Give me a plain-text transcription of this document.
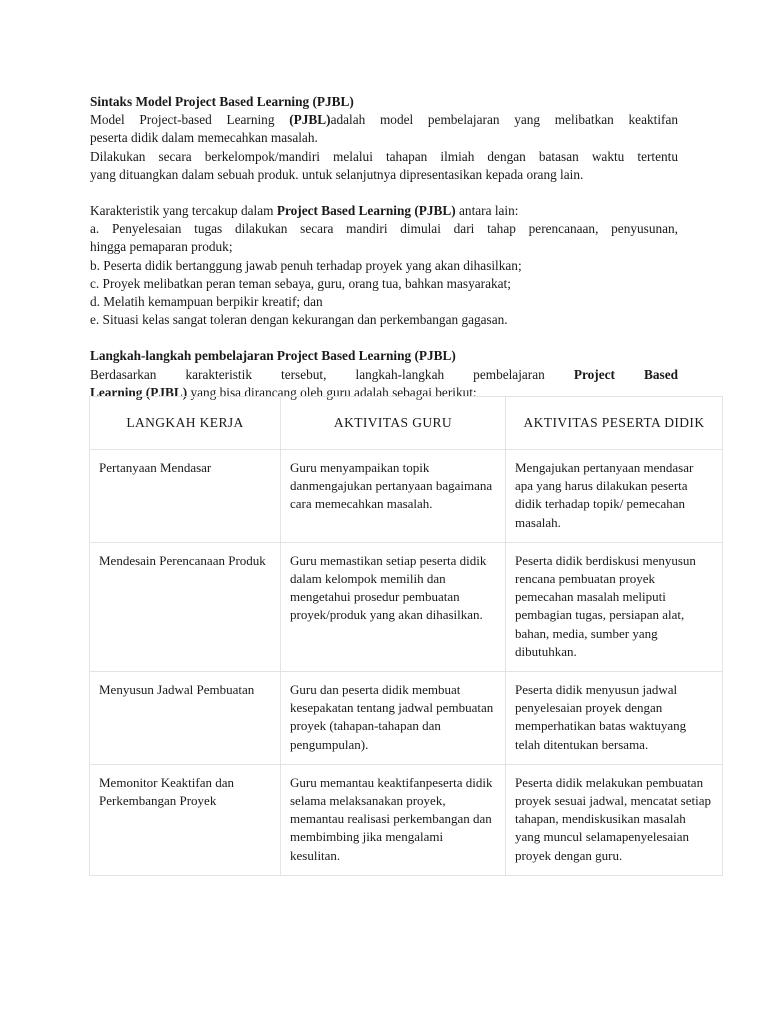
Sintaks Model Project Based Learning (PJBL)

Model Project-based Learning (PJBL)adalah model pembelajaran yang melibatkan keaktifan

peserta didik dalam memecahkan masalah.

Dilakukan secara berkelompok/mandiri melalui tahapan ilmiah dengan batasan waktu tertentu

yang dituangkan dalam sebuah produk. untuk selanjutnya dipresentasikan kepada orang lain.

Karakteristik yang tercakup dalam Project Based Learning (PJBL) antara lain:

a. Penyelesaian tugas dilakukan secara mandiri dimulai dari tahap perencanaan, penyusunan,

hingga pemaparan produk;

b. Peserta didik bertanggung jawab penuh terhadap proyek yang akan dihasilkan;

c. Proyek melibatkan peran teman sebaya, guru, orang tua, bahkan masyarakat;

d. Melatih kemampuan berpikir kreatif; dan

e. Situasi kelas sangat toleran dengan kekurangan dan perkembangan gagasan.

Langkah-langkah pembelajaran Project Based Learning (PJBL)

Berdasarkan karakteristik tersebut, langkah-langkah pembelajaran Project Based

Learning (PJBL) yang bisa dirancang oleh guru adalah sebagai berikut:

LANGKAH KERJA	AKTIVITAS GURU	AKTIVITAS PESERTA DIDIK
Pertanyaan Mendasar	Guru menyampaikan topik danmengajukan pertanyaan bagaimana cara memecahkan masalah.	Mengajukan pertanyaan mendasar apa yang harus dilakukan peserta didik terhadap topik/ pemecahan masalah.
Mendesain Perencanaan Produk	Guru memastikan setiap peserta didik dalam kelompok memilih dan mengetahui prosedur pembuatan proyek/produk yang akan dihasilkan.	Peserta didik berdiskusi menyusun rencana pembuatan proyek pemecahan masalah meliputi pembagian tugas, persiapan alat, bahan, media, sumber yang dibutuhkan.
Menyusun Jadwal Pembuatan	Guru dan peserta didik membuat kesepakatan tentang jadwal pembuatan proyek (tahapan-tahapan dan pengumpulan).	Peserta didik menyusun jadwal penyelesaian proyek dengan memperhatikan batas waktuyang telah ditentukan bersama.
Memonitor Keaktifan dan Perkembangan Proyek	Guru memantau keaktifanpeserta didik selama melaksanakan proyek, memantau realisasi perkembangan dan membimbing jika mengalami kesulitan.	Peserta didik melakukan pembuatan proyek sesuai jadwal, mencatat setiap tahapan, mendiskusikan masalah yang muncul selamapenyelesaian proyek dengan guru.
